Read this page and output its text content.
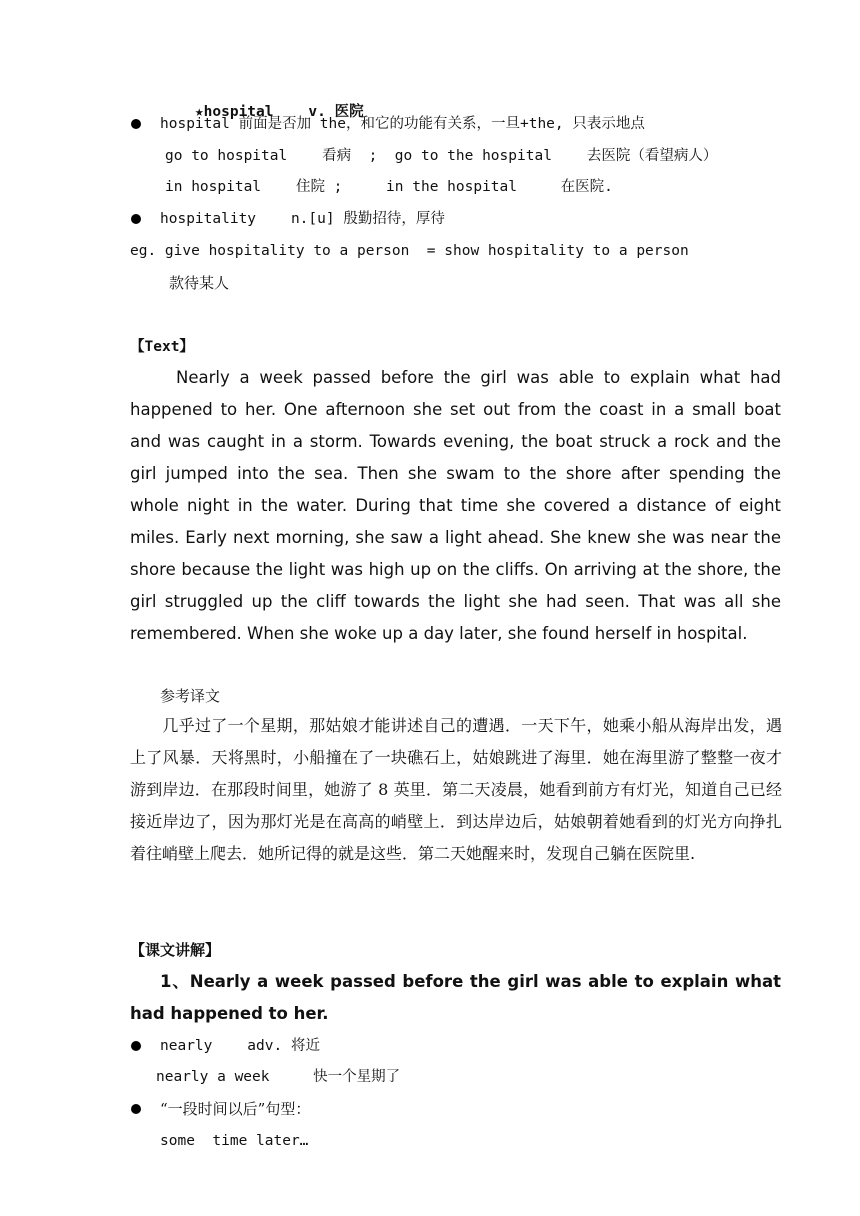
★hospital v. 医院

hospital 前面是否加 the，和它的功能有关系，一旦+the, 只表示地点
go to hospital    看病  ;  go to the hospital    去医院（看望病人）
in hospital    住院 ;     in the hospital     在医院.
hospitality    n.[u] 殷勤招待，厚待
eg. give hospitality to a person  = show hospitality to a person
款待某人
【Text】
Nearly a week passed before the girl was able to explain what had happened to her. One afternoon she set out from the coast in a small boat and was caught in a storm. Towards evening, the boat struck a rock and the girl jumped into the sea. Then she swam to the shore after spending the whole night in the water. During that time she covered a distance of eight miles. Early next morning, she saw a light ahead. She knew she was near the shore because the light was high up on the cliffs. On arriving at the shore, the girl struggled up the cliff towards the light she had seen. That was all she remembered. When she woke up a day later, she found herself in hospital.
参考译文
几乎过了一个星期，那姑娘才能讲述自己的遭遇．一天下午，她乘小船从海岸出发，遇上了风暴．天将黑时，小船撞在了一块礁石上，姑娘跳进了海里．她在海里游了整整一夜才游到岸边．在那段时间里，她游了 8 英里．第二天凌晨，她看到前方有灯光，知道自己已经接近岸边了，因为那灯光是在高高的峭壁上．到达岸边后，姑娘朝着她看到的灯光方向挣扎着往峭壁上爬去．她所记得的就是这些．第二天她醒来时，发现自己躺在医院里.
【课文讲解】
1、Nearly a week passed before the girl was able to explain what had happened to her.
nearly    adv. 将近
nearly a week     快一个星期了
“一段时间以后”句型：
some  time later…
